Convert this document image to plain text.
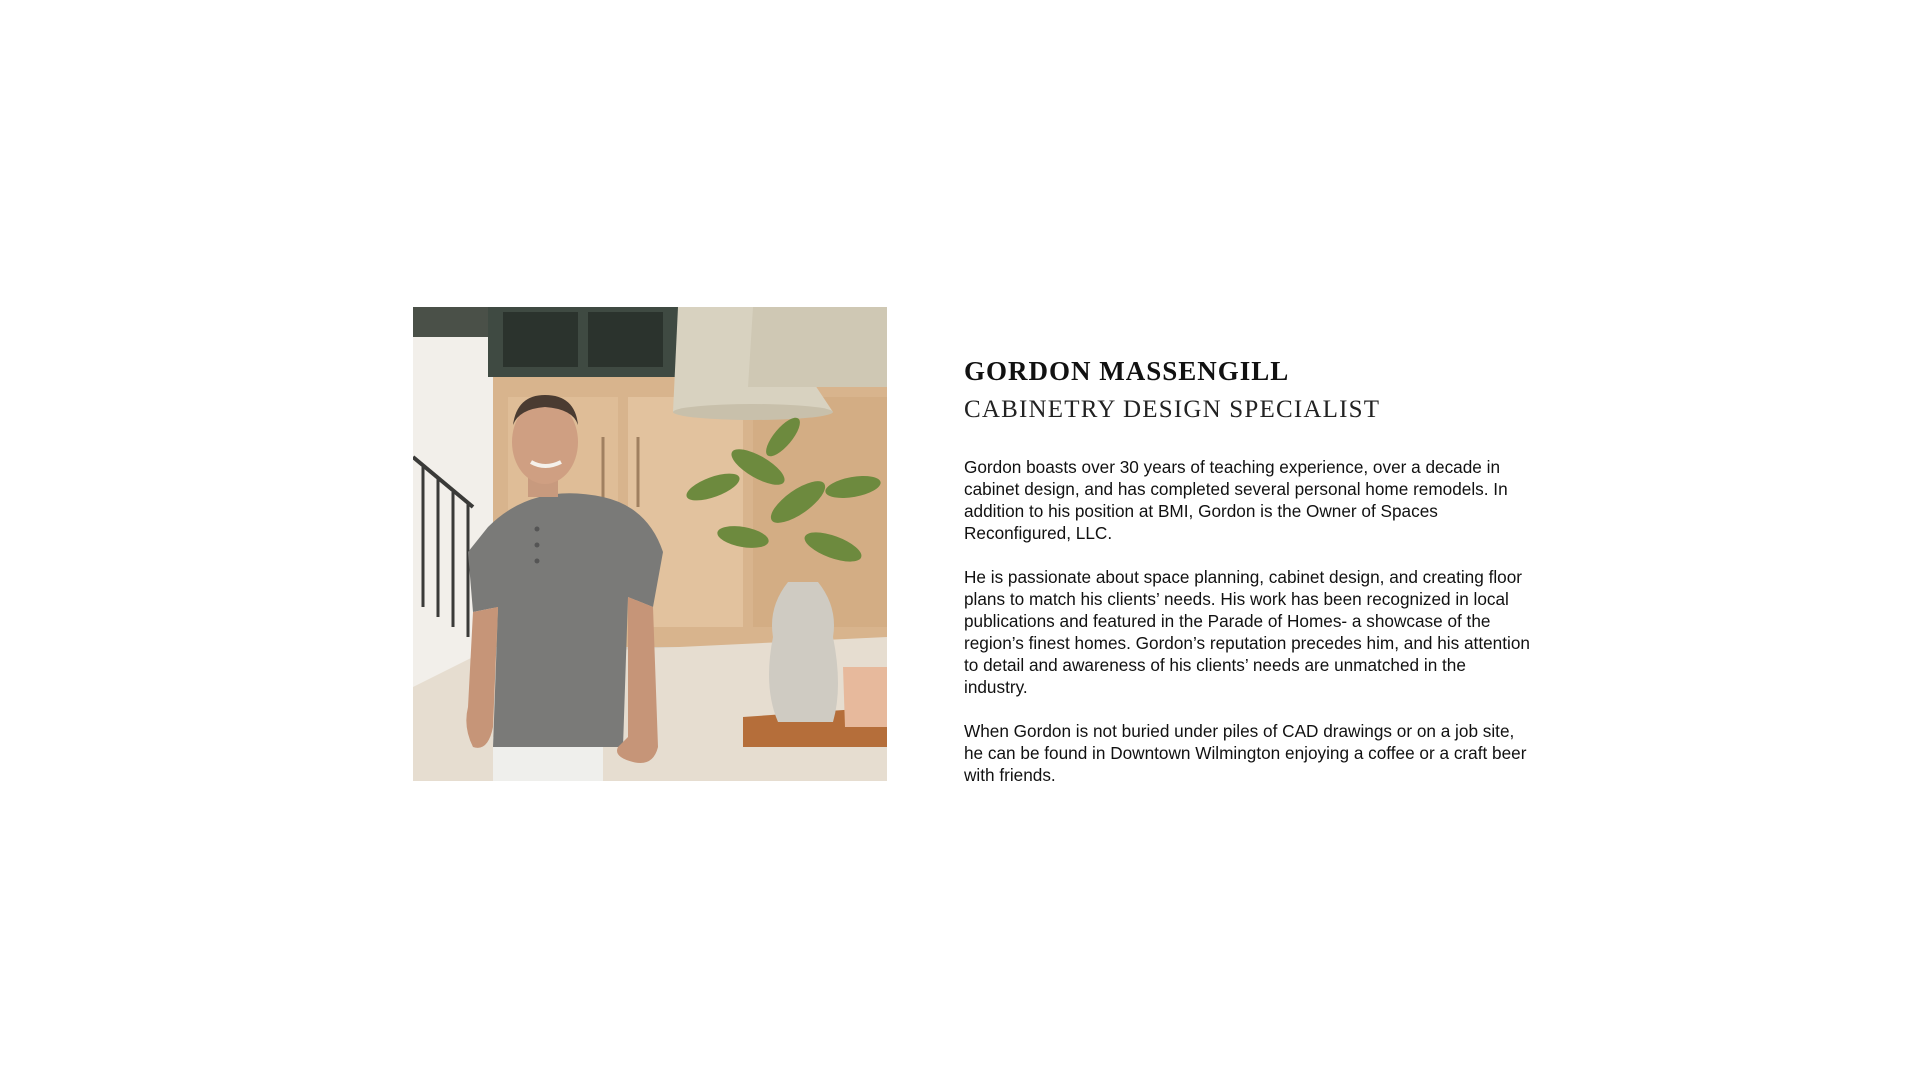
GORDON MASSENGILL
CABINETRY DESIGN SPECIALIST

Gordon boasts over 30 years of teaching experience, over a decade in cabinet design, and has completed several personal home remodels. In addition to his position at BMI, Gordon is the Owner of Spaces Reconfigured, LLC.

He is passionate about space planning, cabinet design, and creating floor plans to match his clients’ needs. His work has been recognized in local publications and featured in the Parade of Homes- a showcase of the region’s finest homes. Gordon’s reputation precedes him, and his attention to detail and awareness of his clients’ needs are unmatched in the industry.

When Gordon is not buried under piles of CAD drawings or on a job site, he can be found in Downtown Wilmington enjoying a coffee or a craft beer with friends.
